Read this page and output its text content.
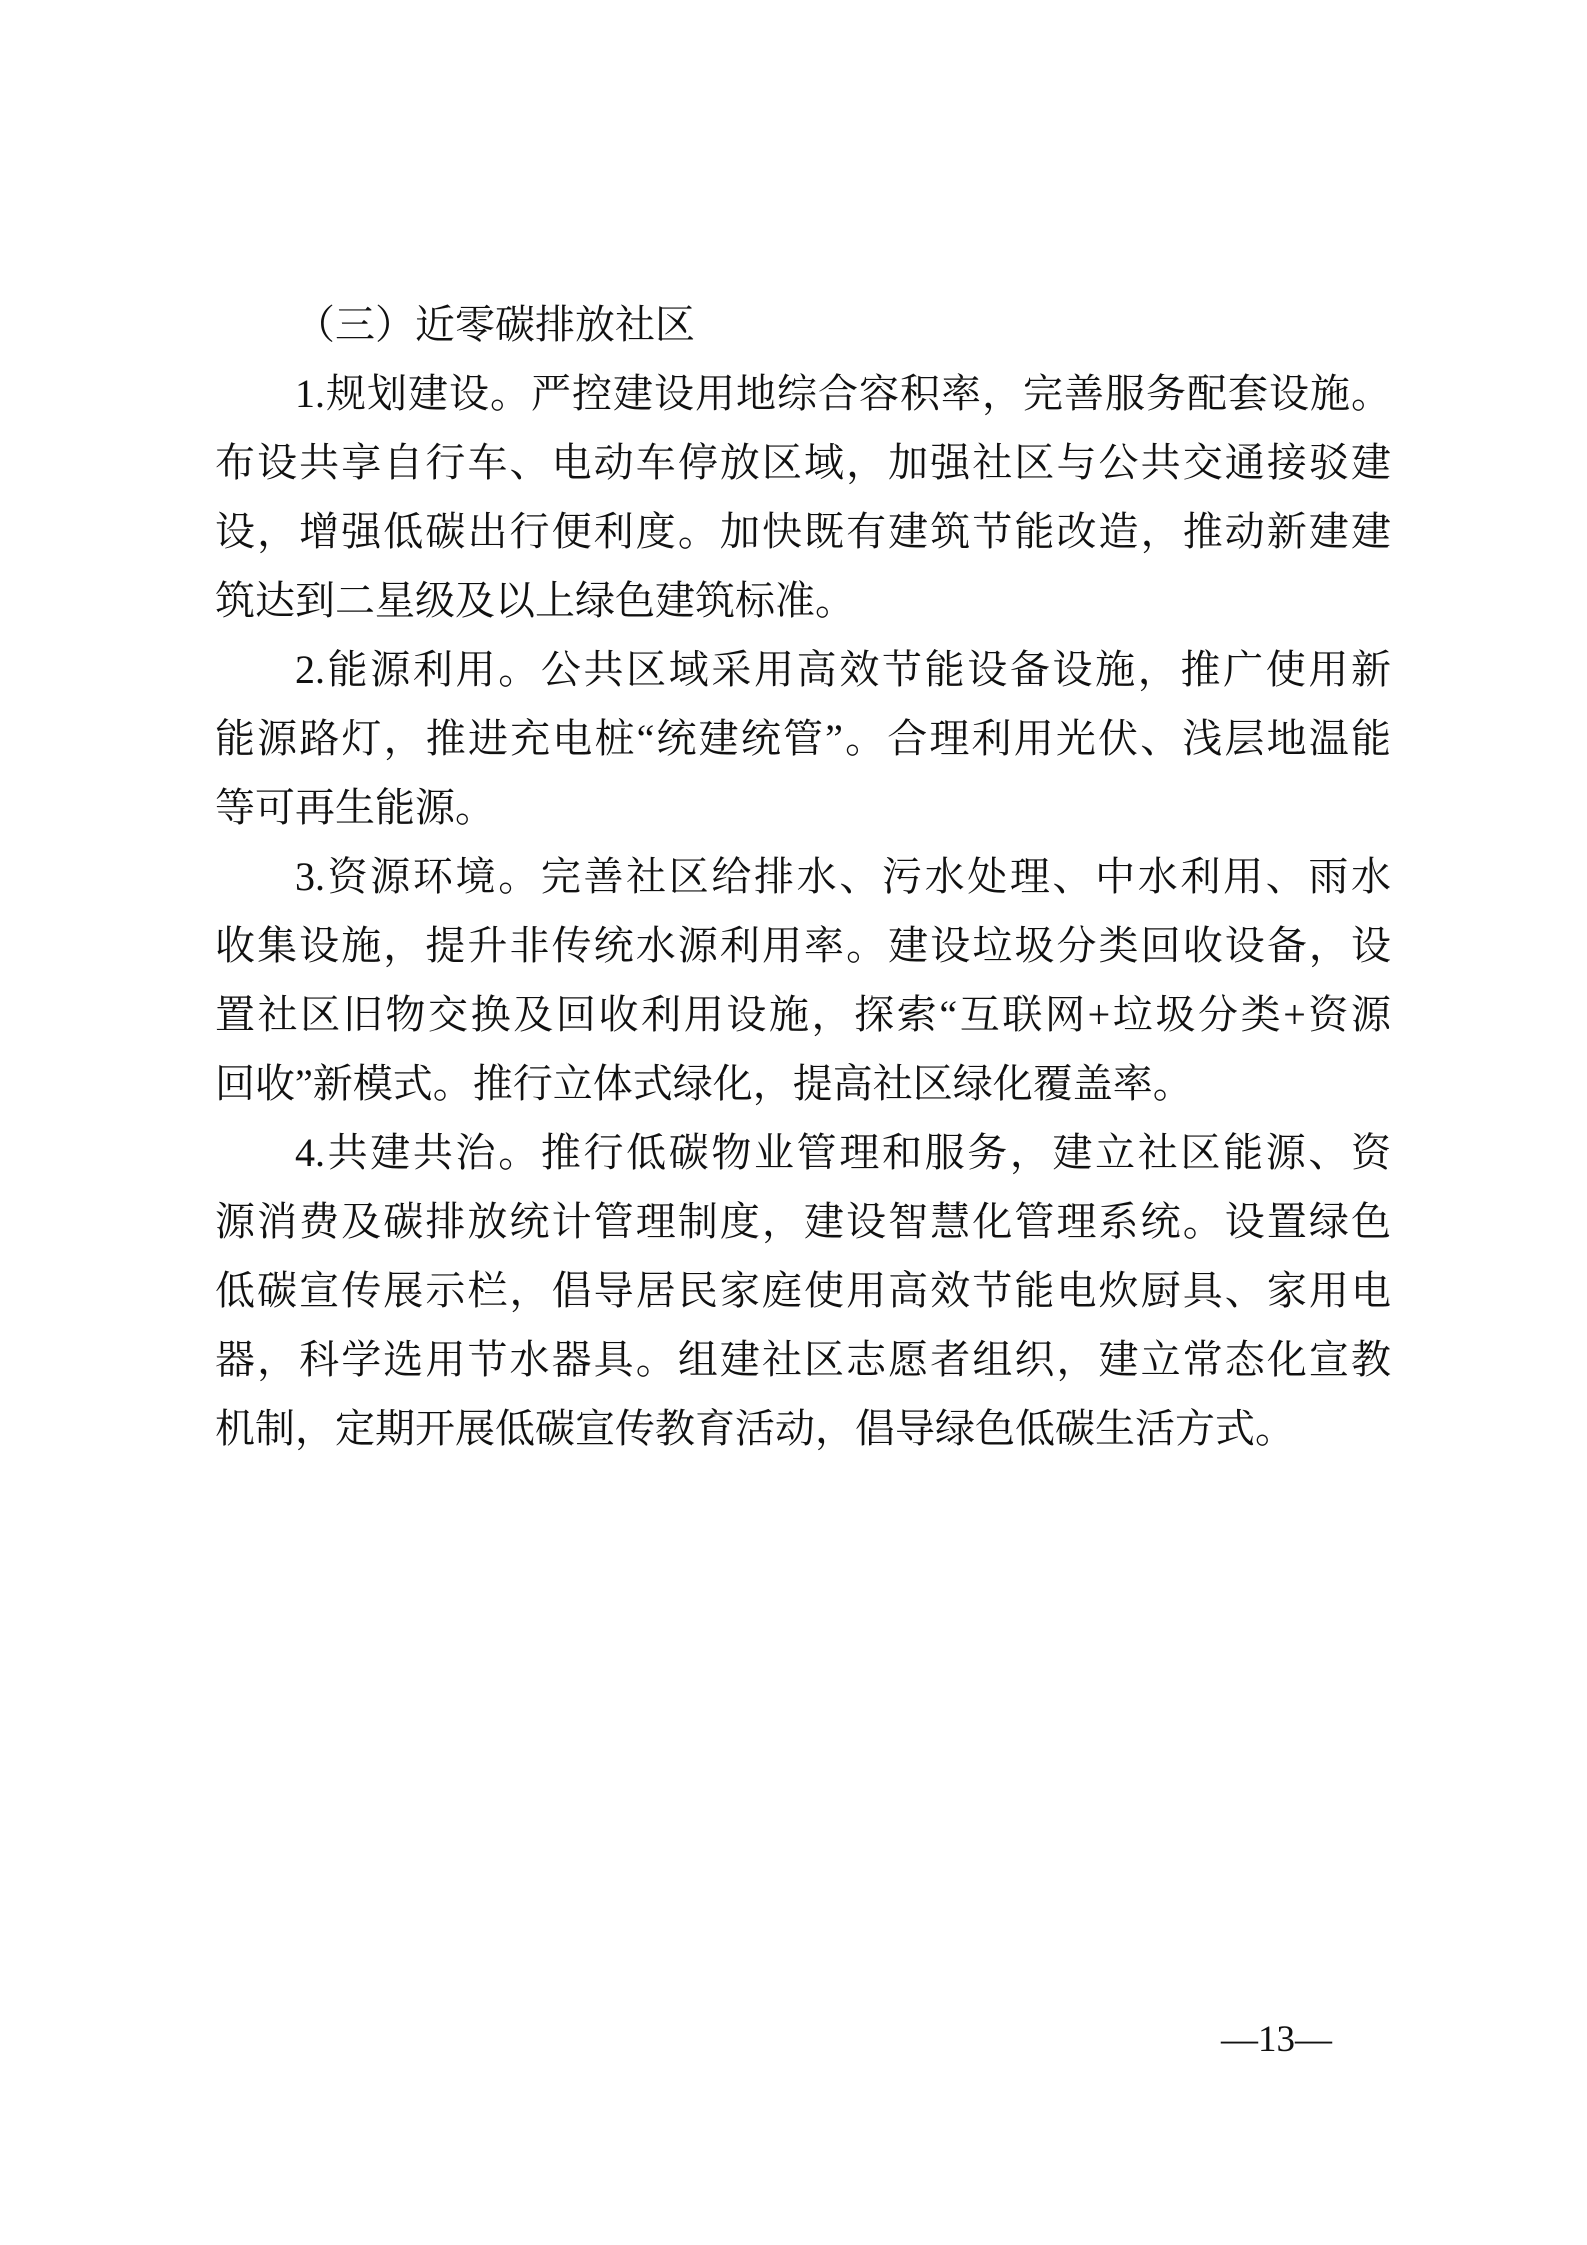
（三）近零碳排放社区

1.规划建设。严控建设用地综合容积率，完善服务配套设施。
布设共享自行车、电动车停放区域，加强社区与公共交通接驳建
设，增强低碳出行便利度。加快既有建筑节能改造，推动新建建
筑达到二星级及以上绿色建筑标准。

2.能源利用。公共区域采用高效节能设备设施，推广使用新
能源路灯，推进充电桩“统建统管”。合理利用光伏、浅层地温能
等可再生能源。

3.资源环境。完善社区给排水、污水处理、中水利用、雨水
收集设施，提升非传统水源利用率。建设垃圾分类回收设备，设
置社区旧物交换及回收利用设施，探索“互联网+垃圾分类+资源
回收”新模式。推行立体式绿化，提高社区绿化覆盖率。

4.共建共治。推行低碳物业管理和服务，建立社区能源、资
源消费及碳排放统计管理制度，建设智慧化管理系统。设置绿色
低碳宣传展示栏，倡导居民家庭使用高效节能电炊厨具、家用电
器，科学选用节水器具。组建社区志愿者组织，建立常态化宣教
机制，定期开展低碳宣传教育活动，倡导绿色低碳生活方式。

—13—
